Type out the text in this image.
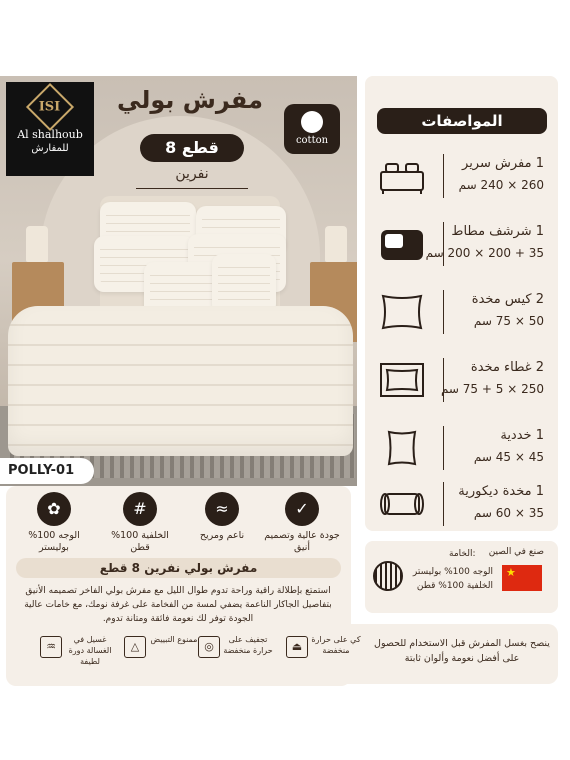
ISI
Al shalhoub
للمفارش
مفرش بولي
8 قطع
نفرين
cotton
POLLY-01
✿
الوجه 100% بوليستر
#
الخلفية 100% قطن
≈
ناعم ومريح
✓
جودة عالية وتصميم أنيق
مفرش بولي نفرين 8 قطع
استمتع بإطلالة راقية وراحة تدوم طوال الليل مع مفرش بولي الفاخر تصميمه الأنيق بتفاصيل الجاكار الناعمة يضفي لمسة من الفخامة على غرفة نومك، مع خامات عالية الجودة توفر لك نعومة فائقة ومتانة تدوم.
المواصفات
1 مفرش سرير
260 × 240 سم
1 شرشف مطاط
35 + 200 × 200 سم
2 كيس مخدة
50 × 75 سم
2 غطاء مخدة
250 × 5 + 75 سم
1 خددية
45 × 45 سم
1 مخدة ديكورية
35 × 60 سم
صنع في الصين
★
الخامة:
الوجه 100% بوليستر
الخلفية 100% قطن
♒
غسيل في الغسالة دورة لطيفة
△
ممنوع التبييض
◎
تجفيف على حرارة منخفضة	⏏
كي على حرارة منخفضة
ينصح بغسل المفرش قبل الاستخدام للحصول على أفضل نعومة وألوان ثابتة
